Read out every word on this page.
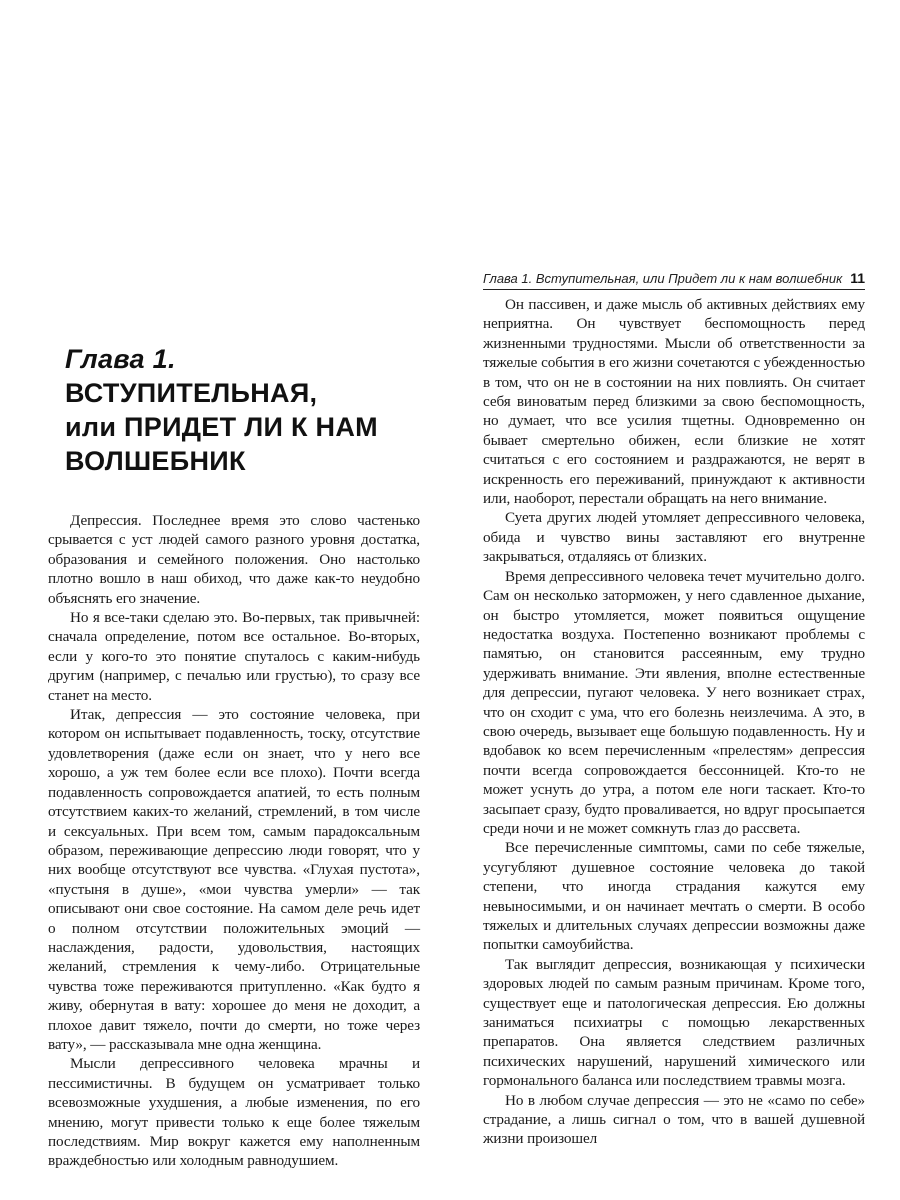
Глава 1.
ВСТУПИТЕЛЬНАЯ,
или ПРИДЕТ ЛИ К НАМ
ВОЛШЕБНИК

Депрессия. Последнее время это слово частенько срывается с уст людей самого разного уровня достатка, образования и семейного положения. Оно настолько плотно вошло в наш обиход, что даже как-то неудобно объяснять его значение.

Но я все-таки сделаю это. Во-первых, так привычней: сначала определение, потом все остальное. Во-вторых, если у кого-то это понятие спуталось с каким-нибудь другим (например, с печалью или грустью), то сразу все станет на место.

Итак, депрессия — это состояние человека, при котором он испытывает подавленность, тоску, отсутствие удовлетворения (даже если он знает, что у него все хорошо, а уж тем более если все плохо). Почти всегда подавленность сопровождается апатией, то есть полным отсутствием каких-то желаний, стремлений, в том числе и сексуальных. При всем том, самым парадоксальным образом, переживающие депрессию люди говорят, что у них вообще отсутствуют все чувства. «Глухая пустота», «пустыня в душе», «мои чувства умерли» — так описывают они свое состояние. На самом деле речь идет о полном отсутствии положительных эмоций — наслаждения, радости, удовольствия, настоящих желаний, стремления к чему-либо. Отрицательные чувства тоже переживаются притупленно. «Как будто я живу, обернутая в вату: хорошее до меня не доходит, а плохое давит тяжело, почти до смерти, но тоже через вату», — рассказывала мне одна женщина.

Мысли депрессивного человека мрачны и пессимистичны. В будущем он усматривает только всевозможные ухудшения, а любые изменения, по его мнению, могут привести только к еще более тяжелым последствиям. Мир вокруг кажется ему наполненным враждебностью или холодным равнодушием.

Глава 1. Вступительная, или Придет ли к нам волшебник 11

Он пассивен, и даже мысль об активных действиях ему неприятна. Он чувствует беспомощность перед жизненными трудностями. Мысли об ответственности за тяжелые события в его жизни сочетаются с убежденностью в том, что он не в состоянии на них повлиять. Он считает себя виноватым перед близкими за свою беспомощность, но думает, что все усилия тщетны. Одновременно он бывает смертельно обижен, если близкие не хотят считаться с его состоянием и раздражаются, не верят в искренность его переживаний, принуждают к активности или, наоборот, перестали обращать на него внимание.

Суета других людей утомляет депрессивного человека, обида и чувство вины заставляют его внутренне закрываться, отдаляясь от близких.

Время депрессивного человека течет мучительно долго. Сам он несколько заторможен, у него сдавленное дыхание, он быстро утомляется, может появиться ощущение недостатка воздуха. Постепенно возникают проблемы с памятью, он становится рассеянным, ему трудно удерживать внимание. Эти явления, вполне естественные для депрессии, пугают человека. У него возникает страх, что он сходит с ума, что его болезнь неизлечима. А это, в свою очередь, вызывает еще большую подавленность. Ну и вдобавок ко всем перечисленным «прелестям» депрессия почти всегда сопровождается бессонницей. Кто-то не может уснуть до утра, а потом еле ноги таскает. Кто-то засыпает сразу, будто проваливается, но вдруг просыпается среди ночи и не может сомкнуть глаз до рассвета.

Все перечисленные симптомы, сами по себе тяжелые, усугубляют душевное состояние человека до такой степени, что иногда страдания кажутся ему невыносимыми, и он начинает мечтать о смерти. В особо тяжелых и длительных случаях депрессии возможны даже попытки самоубийства.

Так выглядит депрессия, возникающая у психически здоровых людей по самым разным причинам. Кроме того, существует еще и патологическая депрессия. Ею должны заниматься психиатры с помощью лекарственных препаратов. Она является следствием различных психических нарушений, нарушений химического или гормонального баланса или последствием травмы мозга.

Но в любом случае депрессия — это не «само по себе» страдание, а лишь сигнал о том, что в вашей душевной жизни произошел
